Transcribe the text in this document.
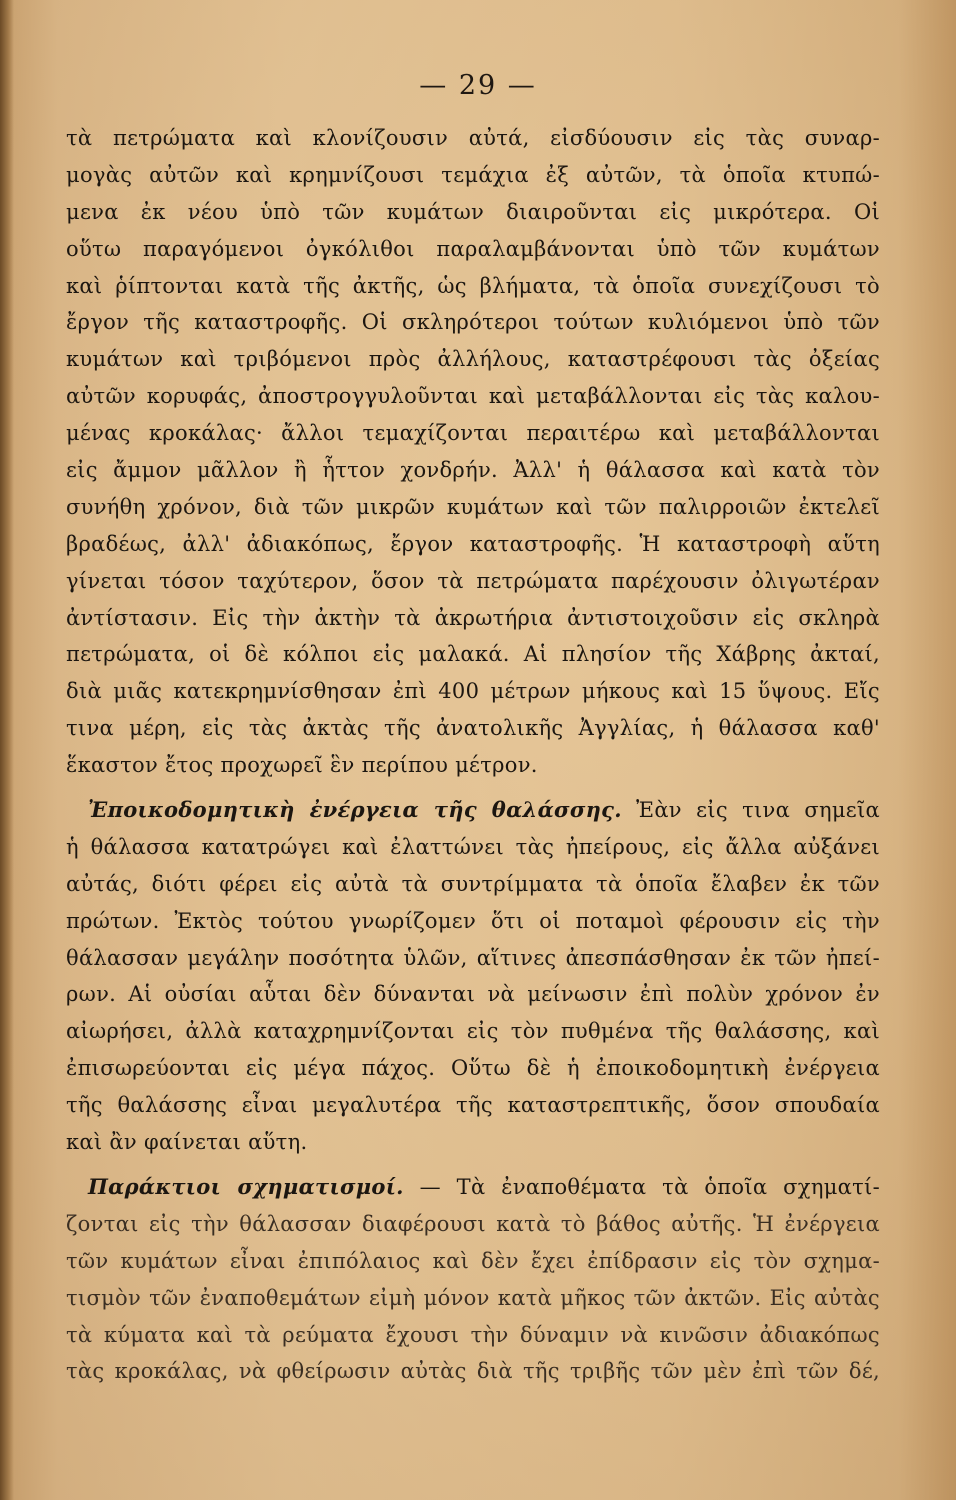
— 29 —
τὰ πετρώματα καὶ κλονίζουσιν αὐτά, εἰσδύουσιν εἰς τὰς συναρ-
μογὰς αὐτῶν καὶ κρημνίζουσι τεμάχια ἐξ αὐτῶν, τὰ ὁποῖα κτυπώ-
μενα ἐκ νέου ὑπὸ τῶν κυμάτων διαιροῦνται εἰς μικρότερα. Οἱ
οὕτω παραγόμενοι ὀγκόλιθοι παραλαμβάνονται ὑπὸ τῶν κυμάτων
καὶ ῥίπτονται κατὰ τῆς ἀκτῆς, ὡς βλήματα, τὰ ὁποῖα συνεχίζουσι τὸ
ἔργον τῆς καταστροφῆς. Οἱ σκληρότεροι τούτων κυλιόμενοι ὑπὸ τῶν
κυμάτων καὶ τριβόμενοι πρὸς ἀλλήλους, καταστρέφουσι τὰς ὀξείας
αὐτῶν κορυφάς, ἀποστρογγυλοῦνται καὶ μεταβάλλονται εἰς τὰς καλου-
μένας κροκάλας· ἄλλοι τεμαχίζονται περαιτέρω καὶ μεταβάλλονται
εἰς ἄμμον μᾶλλον ἢ ἧττον χονδρήν. Ἀλλ' ἡ θάλασσα καὶ κατὰ τὸν
συνήθη χρόνον, διὰ τῶν μικρῶν κυμάτων καὶ τῶν παλιρροιῶν ἐκτελεῖ
βραδέως, ἀλλ' ἀδιακόπως, ἔργον καταστροφῆς. Ἡ καταστροφὴ αὕτη
γίνεται τόσον ταχύτερον, ὅσον τὰ πετρώματα παρέχουσιν ὀλιγωτέραν
ἀντίστασιν. Εἰς τὴν ἀκτὴν τὰ ἀκρωτήρια ἀντιστοιχοῦσιν εἰς σκληρὰ
πετρώματα, οἱ δὲ κόλποι εἰς μαλακά. Αἱ πλησίον τῆς Χάβρης ἀκταί,
διὰ μιᾶς κατεκρημνίσθησαν ἐπὶ 400 μέτρων μήκους καὶ 15 ὕψους. Εἴς
τινα μέρη, εἰς τὰς ἀκτὰς τῆς ἀνατολικῆς Ἀγγλίας, ἡ θάλασσα καθ'
ἕκαστον ἔτος προχωρεῖ ἓν περίπου μέτρον.
Ἐποικοδομητικὴ ἐνέργεια τῆς θαλάσσης. Ἐὰν εἰς τινα σημεῖα
ἡ θάλασσα κατατρώγει καὶ ἐλαττώνει τὰς ἠπείρους, εἰς ἄλλα αὐξάνει
αὐτάς, διότι φέρει εἰς αὐτὰ τὰ συντρίμματα τὰ ὁποῖα ἔλαβεν ἐκ τῶν
πρώτων. Ἐκτὸς τούτου γνωρίζομεν ὅτι οἱ ποταμοὶ φέρουσιν εἰς τὴν
θάλασσαν μεγάλην ποσότητα ὑλῶν, αἵτινες ἀπεσπάσθησαν ἐκ τῶν ἠπεί-
ρων. Αἱ οὐσίαι αὗται δὲν δύνανται νὰ μείνωσιν ἐπὶ πολὺν χρόνον ἐν
αἰωρήσει, ἀλλὰ καταχρημνίζονται εἰς τὸν πυθμένα τῆς θαλάσσης, καὶ
ἐπισωρεύονται εἰς μέγα πάχος. Οὕτω δὲ ἡ ἐποικοδομητικὴ ἐνέργεια
τῆς θαλάσσης εἶναι μεγαλυτέρα τῆς καταστρεπτικῆς, ὅσον σπουδαία
καὶ ἂν φαίνεται αὕτη.
Παράκτιοι σχηματισμοί. — Τὰ ἐναποθέματα τὰ ὁποῖα σχηματί-
ζονται εἰς τὴν θάλασσαν διαφέρουσι κατὰ τὸ βάθος αὐτῆς. Ἡ ἐνέργεια
τῶν κυμάτων εἶναι ἐπιπόλαιος καὶ δὲν ἔχει ἐπίδρασιν εἰς τὸν σχημα-
τισμὸν τῶν ἐναποθεμάτων εἰμὴ μόνον κατὰ μῆκος τῶν ἀκτῶν. Εἰς αὐτὰς
τὰ κύματα καὶ τὰ ρεύματα ἔχουσι τὴν δύναμιν νὰ κινῶσιν ἀδιακόπως
τὰς κροκάλας, νὰ φθείρωσιν αὐτὰς διὰ τῆς τριβῆς τῶν μὲν ἐπὶ τῶν δέ,
